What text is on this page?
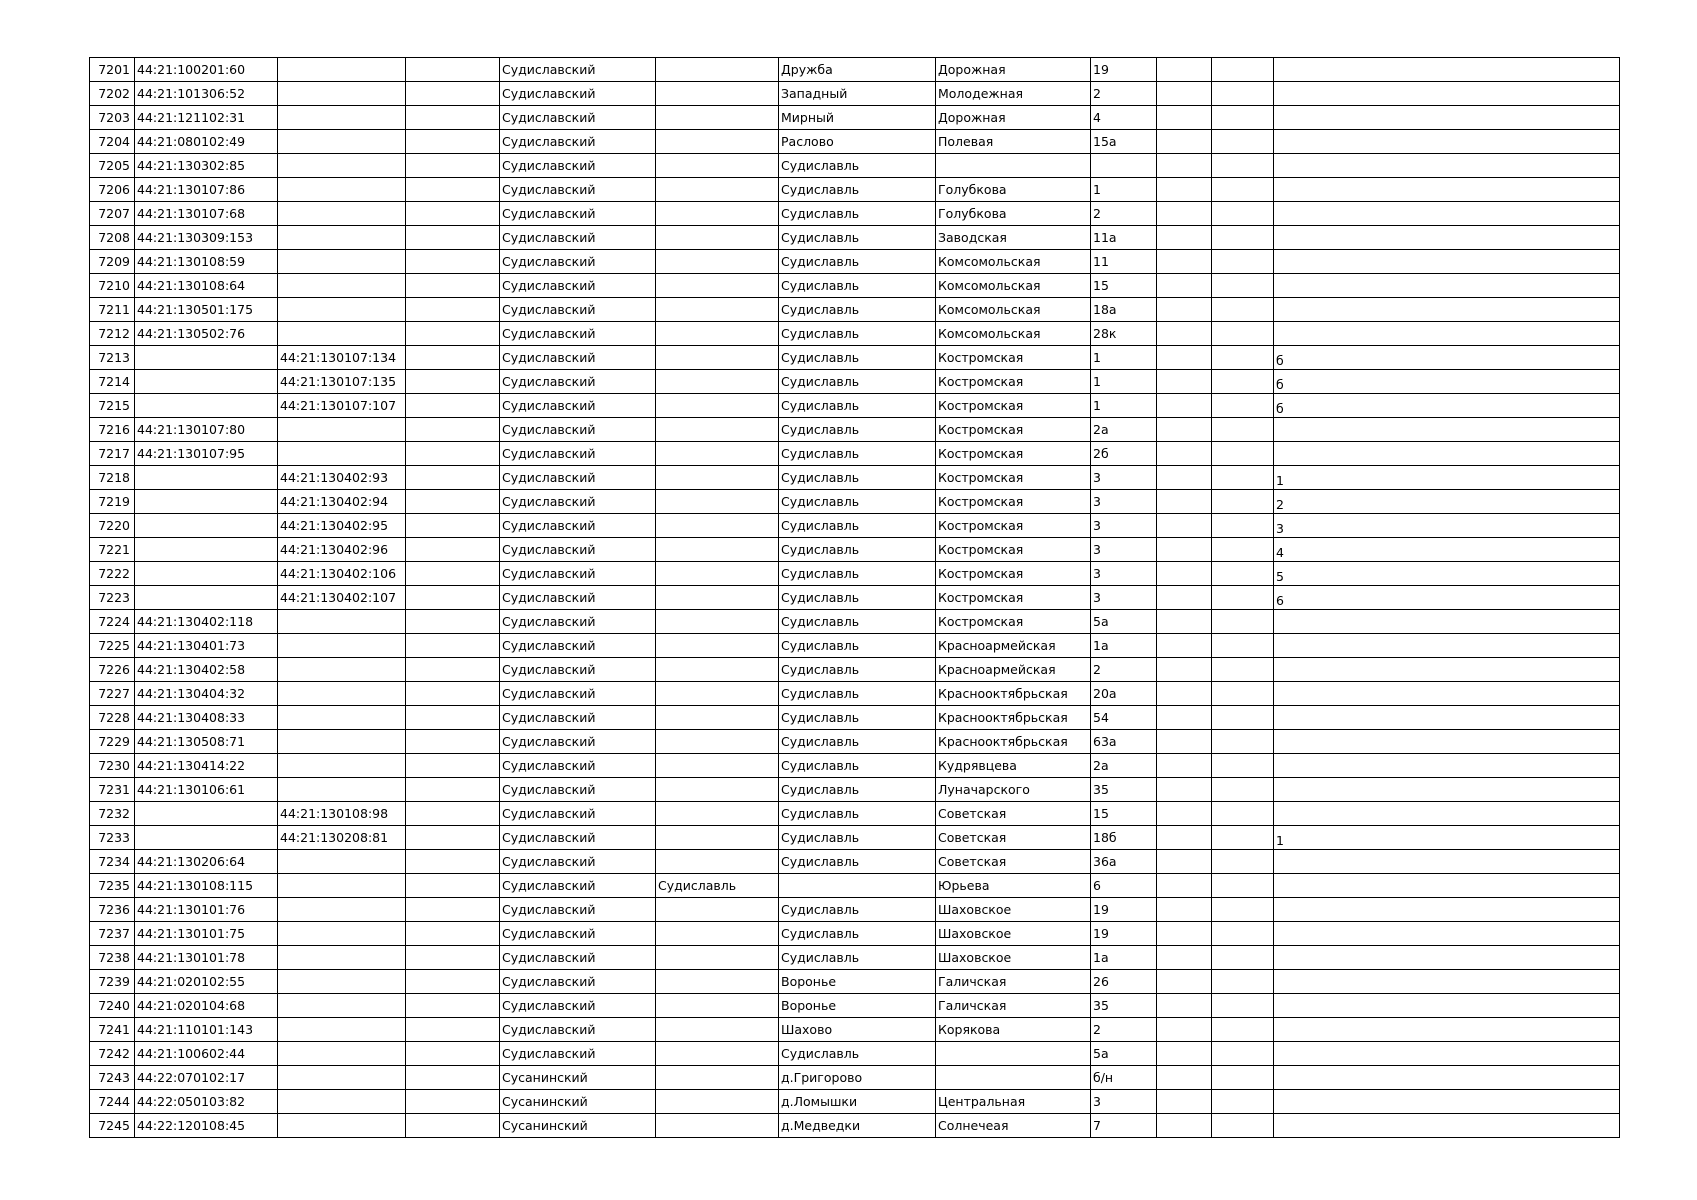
7201	44:21:100201:60			Судиславский		Дружба	Дорожная	19			
7202	44:21:101306:52			Судиславский		Западный	Молодежная	2			
7203	44:21:121102:31			Судиславский		Мирный	Дорожная	4			
7204	44:21:080102:49			Судиславский		Раслово	Полевая	15а			
7205	44:21:130302:85			Судиславский		Судиславль					
7206	44:21:130107:86			Судиславский		Судиславль	Голубкова	1			
7207	44:21:130107:68			Судиславский		Судиславль	Голубкова	2			
7208	44:21:130309:153			Судиславский		Судиславль	Заводская	11а			
7209	44:21:130108:59			Судиславский		Судиславль	Комсомольская	11			
7210	44:21:130108:64			Судиславский		Судиславль	Комсомольская	15			
7211	44:21:130501:175			Судиславский		Судиславль	Комсомольская	18а			
7212	44:21:130502:76			Судиславский		Судиславль	Комсомольская	28к			
7213		44:21:130107:134		Судиславский		Судиславль	Костромская	1			б
7214		44:21:130107:135		Судиславский		Судиславль	Костромская	1			б
7215		44:21:130107:107		Судиславский		Судиславль	Костромская	1			б
7216	44:21:130107:80			Судиславский		Судиславль	Костромская	2а			
7217	44:21:130107:95			Судиславский		Судиславль	Костромская	2б			
7218		44:21:130402:93		Судиславский		Судиславль	Костромская	3			1
7219		44:21:130402:94		Судиславский		Судиславль	Костромская	3			2
7220		44:21:130402:95		Судиславский		Судиславль	Костромская	3			3
7221		44:21:130402:96		Судиславский		Судиславль	Костромская	3			4
7222		44:21:130402:106		Судиславский		Судиславль	Костромская	3			5
7223		44:21:130402:107		Судиславский		Судиславль	Костромская	3			6
7224	44:21:130402:118			Судиславский		Судиславль	Костромская	5а			
7225	44:21:130401:73			Судиславский		Судиславль	Красноармейская	1а			
7226	44:21:130402:58			Судиславский		Судиславль	Красноармейская	2			
7227	44:21:130404:32			Судиславский		Судиславль	Краснооктябрьская	20а			
7228	44:21:130408:33			Судиславский		Судиславль	Краснооктябрьская	54			
7229	44:21:130508:71			Судиславский		Судиславль	Краснооктябрьская	63а			
7230	44:21:130414:22			Судиславский		Судиславль	Кудрявцева	2а			
7231	44:21:130106:61			Судиславский		Судиславль	Луначарского	35			
7232		44:21:130108:98		Судиславский		Судиславль	Советская	15			
7233		44:21:130208:81		Судиславский		Судиславль	Советская	18б			1
7234	44:21:130206:64			Судиславский		Судиславль	Советская	36а			
7235	44:21:130108:115			Судиславский	Судиславль		Юрьева	6			
7236	44:21:130101:76			Судиславский		Судиславль	Шаховское	19			
7237	44:21:130101:75			Судиславский		Судиславль	Шаховское	19			
7238	44:21:130101:78			Судиславский		Судиславль	Шаховское	1а			
7239	44:21:020102:55			Судиславский		Воронье	Галичская	26			
7240	44:21:020104:68			Судиславский		Воронье	Галичская	35			
7241	44:21:110101:143			Судиславский		Шахово	Корякова	2			
7242	44:21:100602:44			Судиславский		Судиславль		5а			
7243	44:22:070102:17			Сусанинский		д.Григорово		б/н			
7244	44:22:050103:82			Сусанинский		д.Ломышки	Центральная	3			
7245	44:22:120108:45			Сусанинский		д.Медведки	Солнечеая	7			
